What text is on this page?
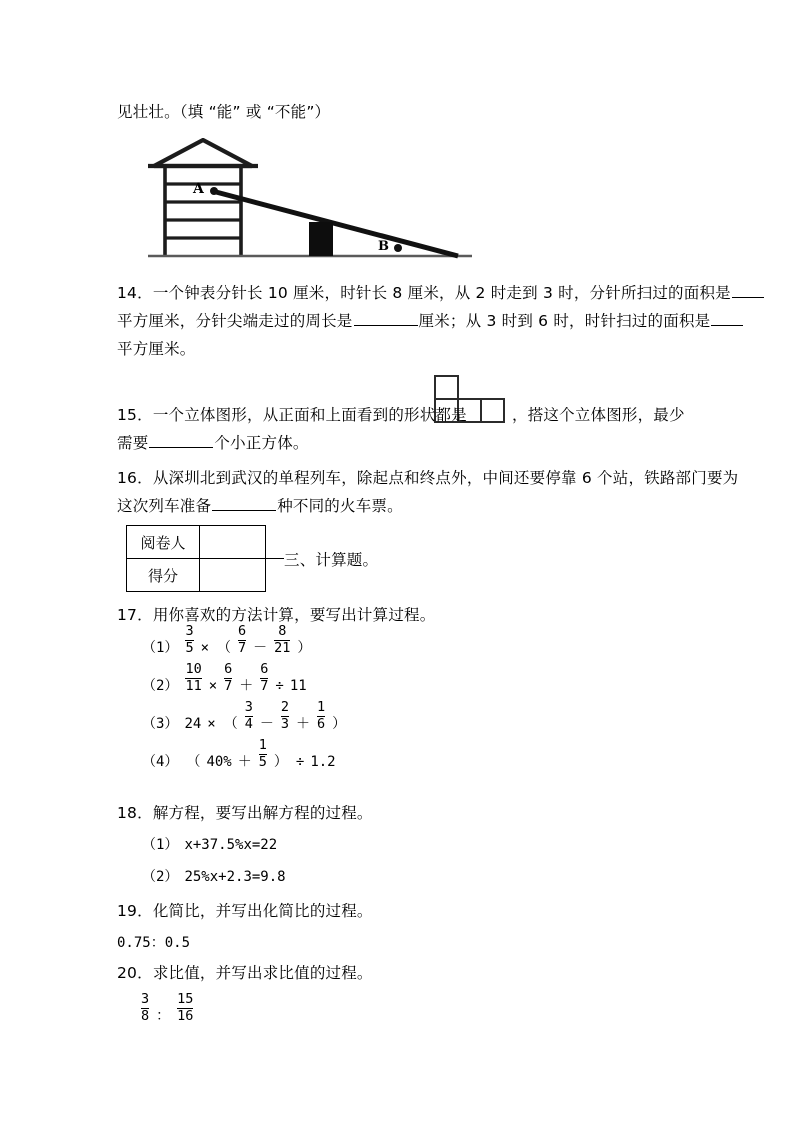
见壮壮。（填 “能” 或 “不能”）
A
B
14．一个钟表分针长 10 厘米，时针长 8 厘米，从 2 时走到 3 时，分针所扫过的面积是
平方厘米，分针尖端走过的周长是	厘米；从 3 时到 6 时，时针扫过的面积是
平方厘米。
15．一个立体图形，从正面和上面看到的形状都是	，搭这个立体图形，最少
需要	个小正方体。
16．从深圳北到武汉的单程列车，除起点和终点外，中间还要停靠 6 个站，铁路部门要为
这次列车准备	种不同的火车票。
阅卷人
得分
三、计算题。
17．用你喜欢的方法计算，要写出计算过程。
$(1) \frac{3}{5}$ × （ $\frac{6}{7} - \frac{8}{21}$ ）
$(2) \frac{10}{11} \times \frac{6}{7} + \frac{6}{7} \div 11$
（3） 24 × （ $\frac{3}{4} - \frac{2}{3} + \frac{1}{6}$ ）
（4） （ $40\% + \frac{1}{5}$ ） ÷ 1.2
18．解方程，要写出解方程的过程。
（1） x+37.5%x=22
（2） 25%x+2.3=9.8
19．化简比，并写出化简比的过程。
0.75：0.5
20．求比值，并写出求比值的过程。
$\frac{3}{8}$ ： $\frac{15}{16}$
